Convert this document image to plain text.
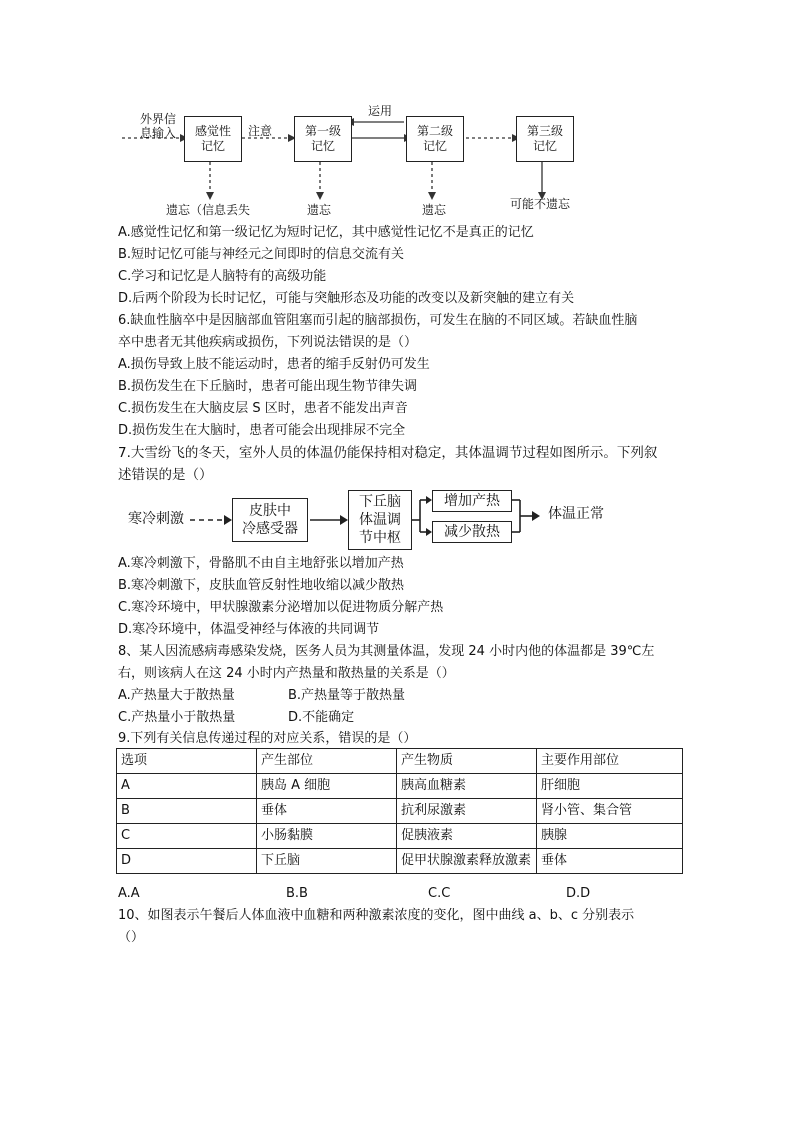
外界信
息输入 感觉性
记忆
注意	第一级
记忆
运用
第二级
记忆
第三级
记忆
遗忘（信息丢失	遗忘	遗忘	可能不遗忘
A.感觉性记忆和第一级记忆为短时记忆，其中感觉性记忆不是真正的记忆
B.短时记忆可能与神经元之间即时的信息交流有关
C.学习和记忆是人脑特有的高级功能
D.后两个阶段为长时记忆，可能与突触形态及功能的改变以及新突触的建立有关
6.缺血性脑卒中是因脑部血管阻塞而引起的脑部损伤，可发生在脑的不同区域。若缺血性脑
卒中患者无其他疾病或损伤，下列说法错误的是（）
A.损伤导致上肢不能运动时，患者的缩手反射仍可发生
B.损伤发生在下丘脑时，患者可能出现生物节律失调
C.损伤发生在大脑皮层 S 区时，患者不能发出声音
D.损伤发生在大脑时，患者可能会出现排尿不完全
7.大雪纷飞的冬天，室外人员的体温仍能保持相对稳定，其体温调节过程如图所示。下列叙
述错误的是（）
寒冷刺激	皮肤中
冷感受器
下丘脑
体温调
节中枢
增加产热
减少散热
体温正常
A.寒冷刺激下，骨骼肌不由自主地舒张以增加产热
B.寒冷刺激下，皮肤血管反射性地收缩以减少散热
C.寒冷环境中，甲状腺激素分泌增加以促进物质分解产热
D.寒冷环境中，体温受神经与体液的共同调节
8、某人因流感病毒感染发烧，医务人员为其测量体温，发现 24 小时内他的体温都是 39℃左
右，则该病人在这 24 小时内产热量和散热量的关系是（）
A.产热量大于散热量	B.产热量等于散热量
C.产热量小于散热量	D.不能确定
9.下列有关信息传递过程的对应关系，错误的是（）
选项	产生部位	产生物质	主要作用部位
A	胰岛 A 细胞	胰高血糖素	肝细胞
B	垂体	抗利尿激素	肾小管、集合管
C	小肠黏膜	促胰液素	胰腺
D	下丘脑	促甲状腺激素释放激素	垂体
A.A	B.B	C.C	D.D
10、如图表示午餐后人体血液中血糖和两种激素浓度的变化，图中曲线 a、b、c 分别表示
（）
